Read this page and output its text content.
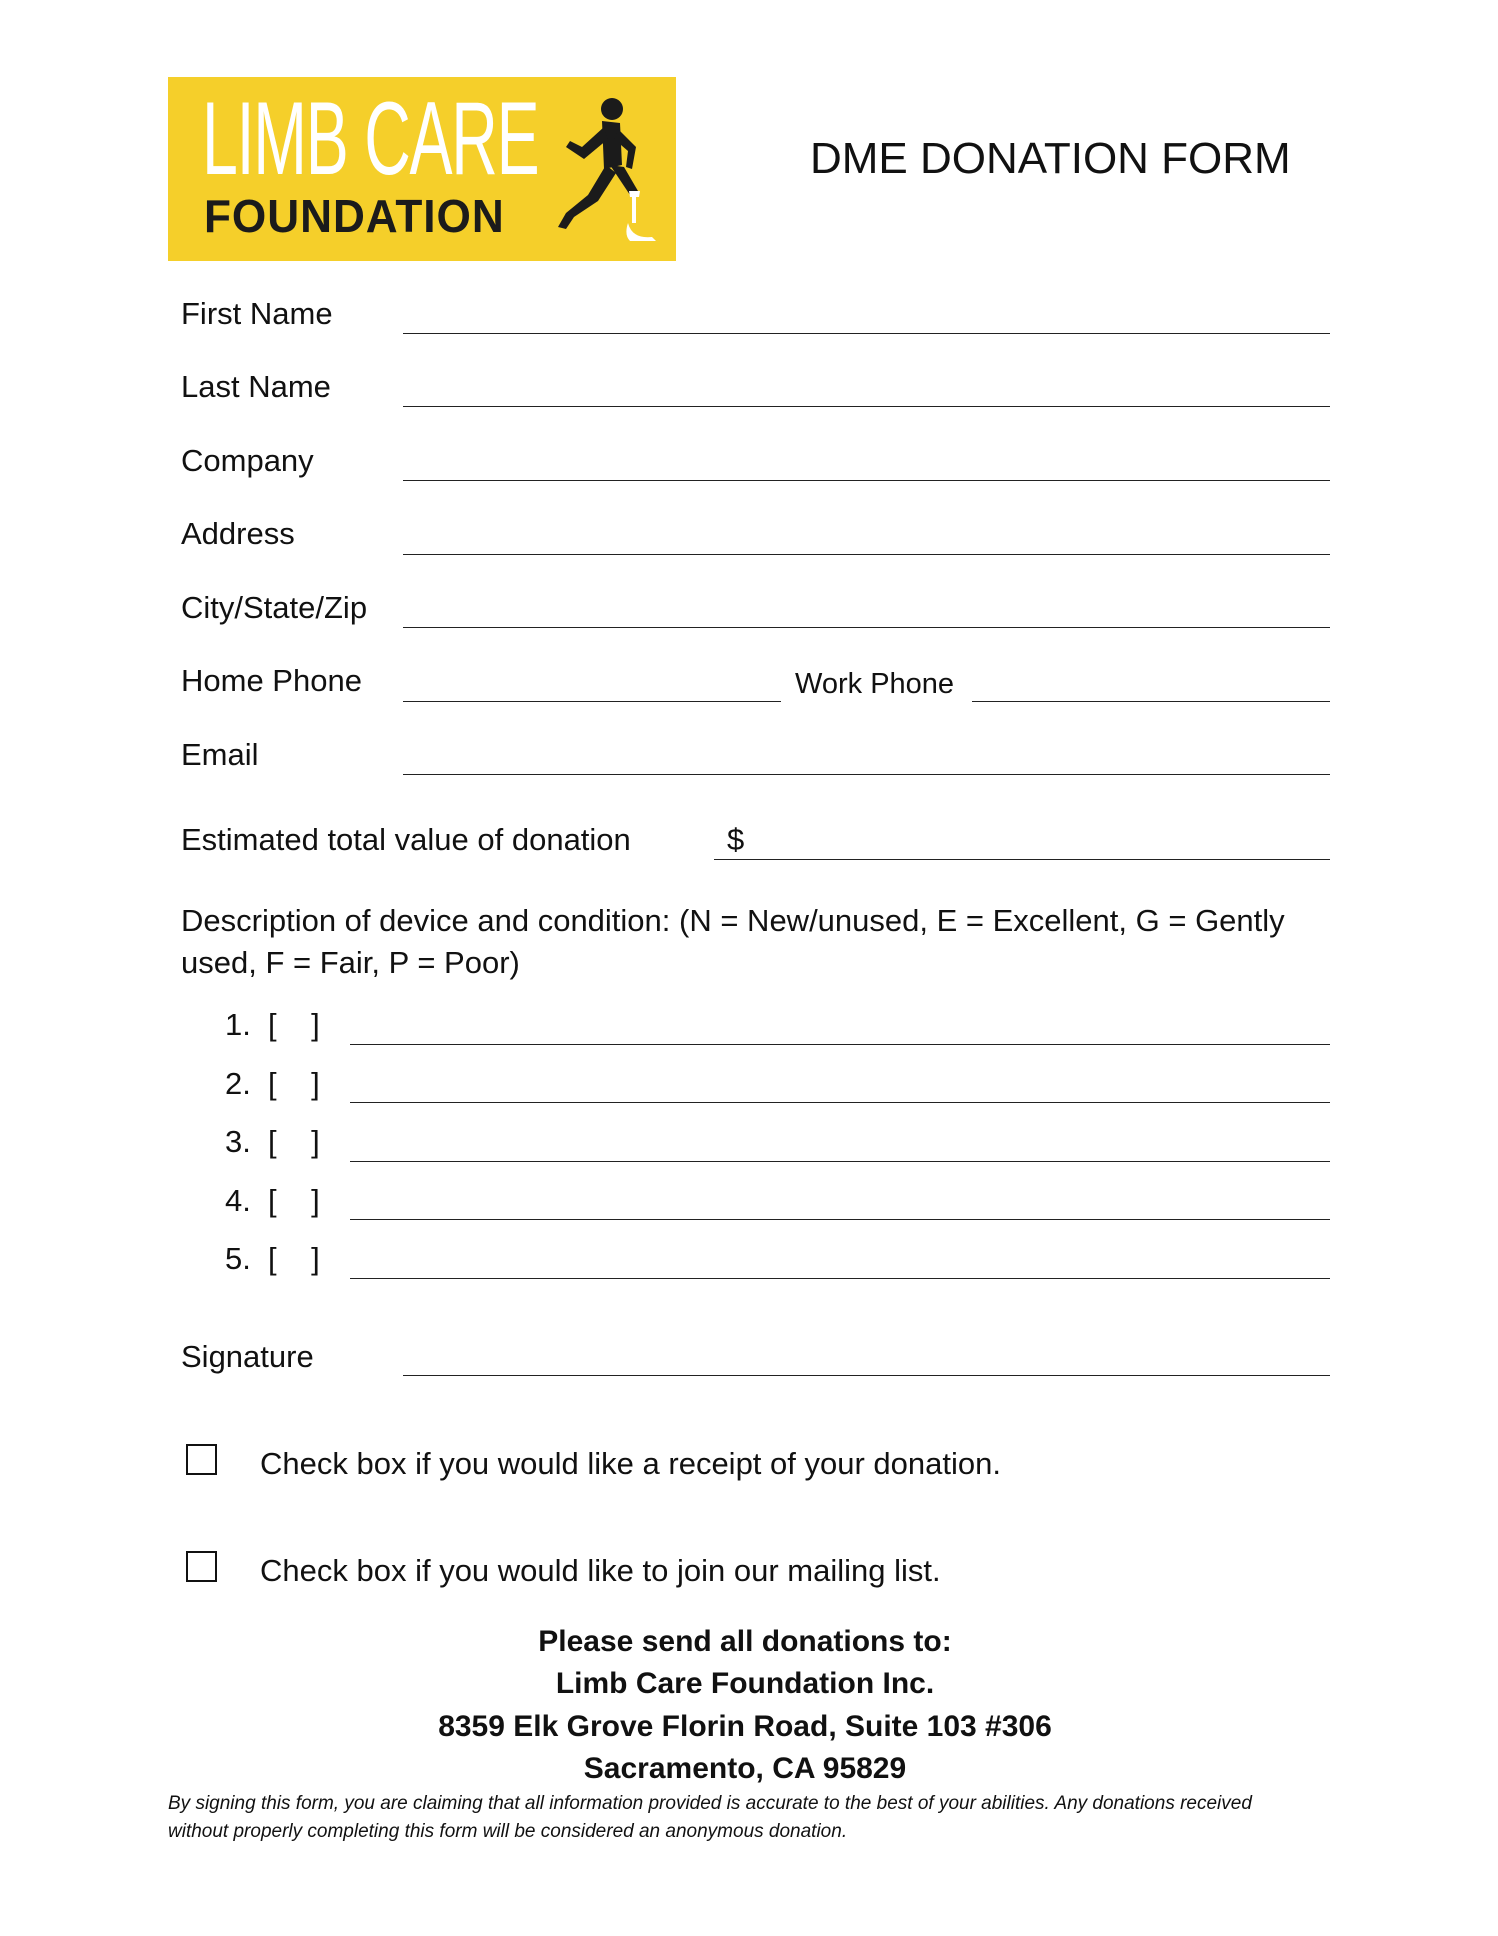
LIMB CARE
FOUNDATION
DME DONATION FORM
First Name
Last Name
Company
Address
City/State/Zip
Home Phone	Work Phone
Email
Estimated total value of donation	$
Description of device and condition: (N = New/unused, E = Excellent, G = Gently used, F = Fair, P = Poor)
1. [    ]
2. [    ]
3. [    ]
4. [    ]
5. [    ]
Signature
Check box if you would like a receipt of your donation.
Check box if you would like to join our mailing list.
Please send all donations to:
Limb Care Foundation Inc.
8359 Elk Grove Florin Road, Suite 103 #306
Sacramento, CA 95829
By signing this form, you are claiming that all information provided is accurate to the best of your abilities. Any donations received without properly completing this form will be considered an anonymous donation.
